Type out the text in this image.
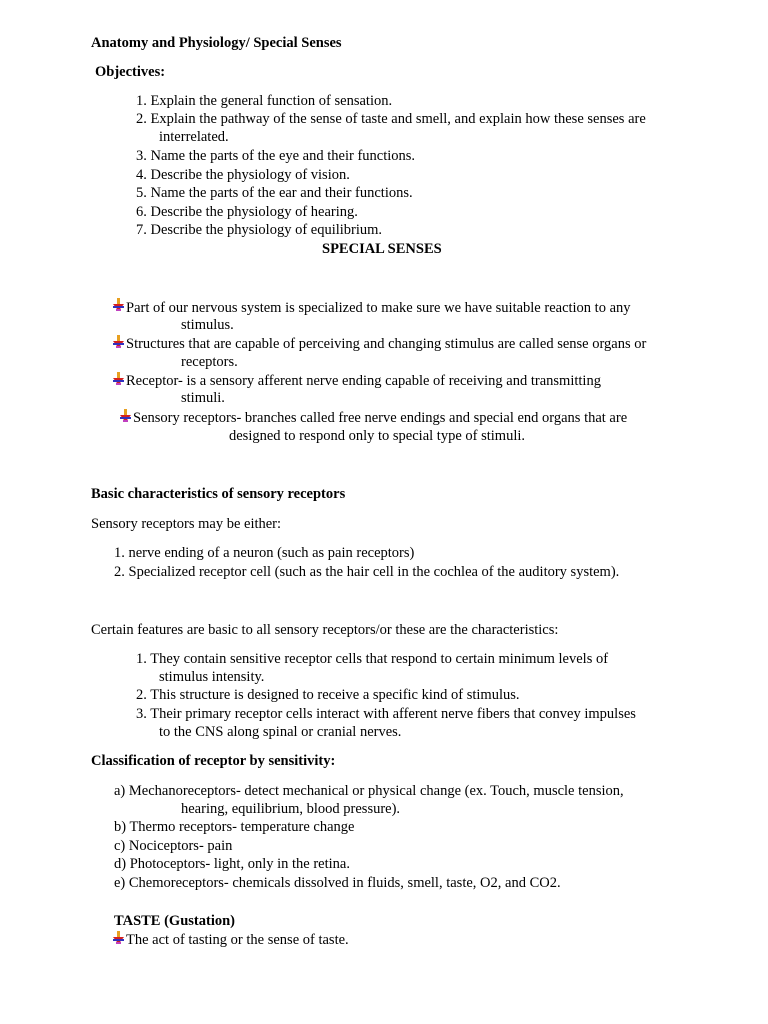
Anatomy and Physiology/ Special Senses
Objectives:
1. Explain the general function of sensation.
2. Explain the pathway of the sense of taste and smell, and explain how these senses are
interrelated.
3. Name the parts of the eye and their functions.
4. Describe the physiology of vision.
5. Name the parts of the ear and their functions.
6. Describe the physiology of hearing.
7. Describe the physiology of equilibrium.
SPECIAL SENSES
Part of our nervous system is specialized to make sure we have suitable reaction to any
stimulus.
Structures that are capable of perceiving and changing stimulus are called sense organs or
receptors.
Receptor- is a sensory afferent nerve ending capable of receiving and transmitting
stimuli.
Sensory receptors- branches called free nerve endings and special end organs that are
designed to respond only to special type of stimuli.
Basic characteristics of sensory receptors
Sensory receptors may be either:
1. nerve ending of a neuron (such as pain receptors)
2. Specialized receptor cell (such as the hair cell in the cochlea of the auditory system).
Certain features are basic to all sensory receptors/or these are the characteristics:
1. They contain sensitive receptor cells that respond to certain minimum levels of
stimulus intensity.
2. This structure is designed to receive a specific kind of stimulus.
3. Their primary receptor cells interact with afferent nerve fibers that convey impulses
to the CNS along spinal or cranial nerves.
Classification of receptor by sensitivity:
a) Mechanoreceptors- detect mechanical or physical change (ex. Touch, muscle tension,
hearing, equilibrium, blood pressure).
b) Thermo receptors- temperature change
c) Nociceptors- pain
d) Photoceptors- light, only in the retina.
e) Chemoreceptors- chemicals dissolved in fluids, smell, taste, O2, and CO2.
TASTE (Gustation)
The act of tasting or the sense of taste.
